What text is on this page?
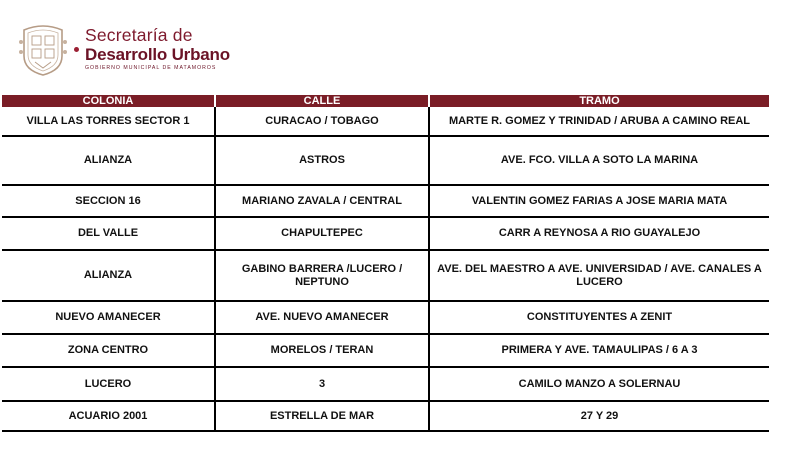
Secretaría de
Desarrollo Urbano
GOBIERNO MUNICIPAL DE MATAMOROS
COLONIA	CALLE	TRAMO
VILLA LAS TORRES SECTOR 1	CURACAO / TOBAGO	MARTE R. GOMEZ Y TRINIDAD / ARUBA A CAMINO REAL
ALIANZA	ASTROS	AVE. FCO. VILLA A SOTO LA MARINA
SECCION 16	MARIANO ZAVALA / CENTRAL	VALENTIN GOMEZ FARIAS A JOSE MARIA MATA
DEL VALLE	CHAPULTEPEC	CARR A REYNOSA A RIO GUAYALEJO
ALIANZA	GABINO BARRERA /LUCERO / NEPTUNO	AVE. DEL MAESTRO A AVE. UNIVERSIDAD / AVE. CANALES A LUCERO
NUEVO AMANECER	AVE. NUEVO AMANECER	CONSTITUYENTES A ZENIT
ZONA CENTRO	MORELOS / TERAN	PRIMERA Y AVE. TAMAULIPAS / 6 A 3
LUCERO	3	CAMILO MANZO A SOLERNAU
ACUARIO 2001	ESTRELLA DE MAR	27 Y 29
